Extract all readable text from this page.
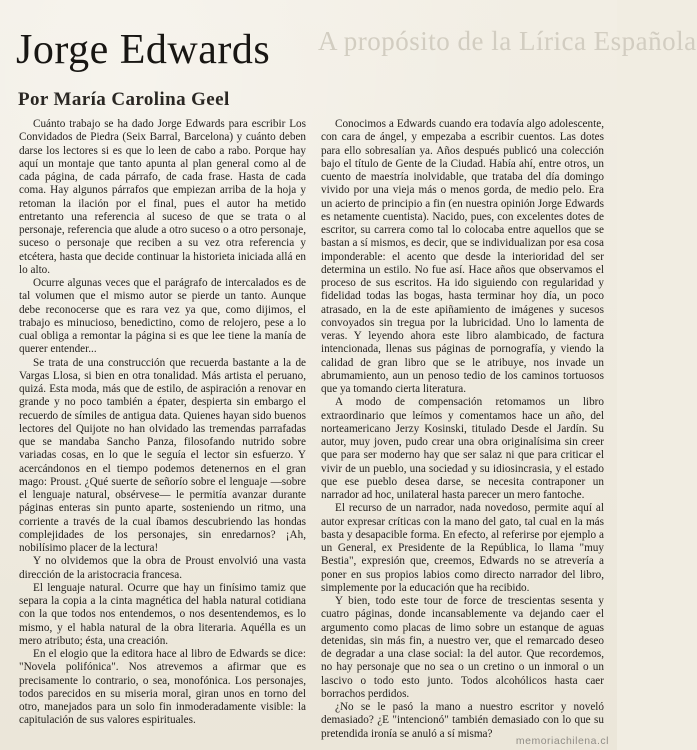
A propósito de la Lírica Española
Jorge Edwards
Por María Carolina Geel

Cuánto trabajo se ha dado Jorge Edwards para escribir Los Convidados de Piedra (Seix Barral, Barcelona) y cuánto deben darse los lectores si es que lo leen de cabo a rabo. Porque hay aquí un montaje que tanto apunta al plan general como al de cada página, de cada párrafo, de cada frase. Hasta de cada coma. Hay algunos párrafos que empiezan arriba de la hoja y retoman la ilación por el final, pues el autor ha metido entretanto una referencia al suceso de que se trata o al personaje, referencia que alude a otro suceso o a otro personaje, suceso o personaje que reciben a su vez otra referencia y etcétera, hasta que decide continuar la historieta iniciada allá en lo alto.

Ocurre algunas veces que el parágrafo de intercalados es de tal volumen que el mismo autor se pierde un tanto. Aunque debe reconocerse que es rara vez ya que, como dijimos, el trabajo es minucioso, benedictino, como de relojero, pese a lo cual obliga a remontar la página si es que lee tiene la manía de querer entender...

Se trata de una construcción que recuerda bastante a la de Vargas Llosa, si bien en otra tonalidad. Más artista el peruano, quizá. Esta moda, más que de estilo, de aspiración a renovar en grande y no poco también a épater, despierta sin embargo el recuerdo de símiles de antigua data. Quienes hayan sido buenos lectores del Quijote no han olvidado las tremendas parrafadas que se mandaba Sancho Panza, filosofando nutrido sobre variadas cosas, en lo que le seguía el lector sin esfuerzo. Y acercándonos en el tiempo podemos detenernos en el gran mago: Proust. ¿Qué suerte de señorío sobre el lenguaje —sobre el lenguaje natural, obsérvese— le permitía avanzar durante páginas enteras sin punto aparte, sosteniendo un ritmo, una corriente a través de la cual íbamos descubriendo las hondas complejidades de los personajes, sin enredarnos? ¡Ah, nobilísimo placer de la lectura!

Y no olvidemos que la obra de Proust envolvió una vasta dirección de la aristocracia francesa.

El lenguaje natural. Ocurre que hay un finísimo tamiz que separa la copia a la cinta magnética del habla natural cotidiana con la que todos nos entendemos, o nos desentendemos, es lo mismo, y el habla natural de la obra literaria. Aquélla es un mero atributo; ésta, una creación.

En el elogio que la editora hace al libro de Edwards se dice: "Novela polifónica". Nos atrevemos a afirmar que es precisamente lo contrario, o sea, monofónica. Los personajes, todos parecidos en su miseria moral, giran unos en torno del otro, manejados para un solo fin inmoderadamente visible: la capitulación de sus valores espirituales.

Conocimos a Edwards cuando era todavía algo adolescente, con cara de ángel, y empezaba a escribir cuentos. Las dotes para ello sobresalían ya. Años después publicó una colección bajo el título de Gente de la Ciudad. Había ahí, entre otros, un cuento de maestría inolvidable, que trataba del día domingo vivido por una vieja más o menos gorda, de medio pelo. Era un acierto de principio a fin (en nuestra opinión Jorge Edwards es netamente cuentista). Nacido, pues, con excelentes dotes de escritor, su carrera como tal lo colocaba entre aquellos que se bastan a sí mismos, es decir, que se individualizan por esa cosa imponderable: el acento que desde la interioridad del ser determina un estilo. No fue así. Hace años que observamos el proceso de sus escritos. Ha ido siguiendo con regularidad y fidelidad todas las bogas, hasta terminar hoy día, un poco atrasado, en la de este apiñamiento de imágenes y sucesos convoyados sin tregua por la lubricidad. Uno lo lamenta de veras. Y leyendo ahora este libro alambicado, de factura intencionada, llenas sus páginas de pornografía, y viendo la calidad de gran libro que se le atribuye, nos invade un abrumamiento, aun un penoso tedio de los caminos tortuosos que ya tomando cierta literatura.

A modo de compensación retomamos un libro extraordinario que leímos y comentamos hace un año, del norteamericano Jerzy Kosinski, titulado Desde el Jardín. Su autor, muy joven, pudo crear una obra originalísima sin creer que para ser moderno hay que ser salaz ni que para criticar el vivir de un pueblo, una sociedad y su idiosincrasia, y el estado que ese pueblo desea darse, se necesita contraponer un narrador ad hoc, unilateral hasta parecer un mero fantoche.

El recurso de un narrador, nada novedoso, permite aquí al autor expresar críticas con la mano del gato, tal cual en la más basta y desapacible forma. En efecto, al referirse por ejemplo a un General, ex Presidente de la República, lo llama "muy Bestia", expresión que, creemos, Edwards no se atrevería a poner en sus propios labios como directo narrador del libro, simplemente por la educación que ha recibido.

Y bien, todo este tour de force de trescientas sesenta y cuatro páginas, donde incansablemente va dejando caer el argumento como placas de limo sobre un estanque de aguas detenidas, sin más fin, a nuestro ver, que el remarcado deseo de degradar a una clase social: la del autor. Que recordemos, no hay personaje que no sea o un cretino o un inmoral o un lascivo o todo esto junto. Todos alcohólicos hasta caer borrachos perdidos.

¿No se le pasó la mano a nuestro escritor y noveló demasiado? ¿E "intencionó" también demasiado con lo que su pretendida ironía se anuló a sí misma?

memoriachilena.cl
